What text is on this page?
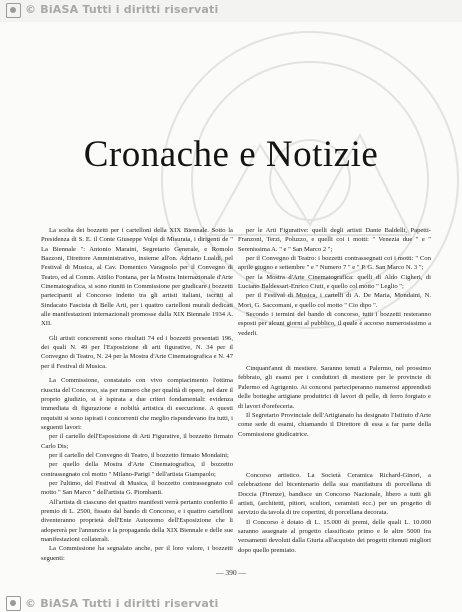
© BiASA Tutti i diritti riservati
Cronache e Notizie

La scelta dei bozzetti per i cartelloni della XIX Biennale. Sotto la Presidenza di S. E. il Conte Giuseppe Volpi di Misurata, i dirigenti de " La Biennale ": Antonio Maraini, Segretario Generale, e Romolo Bazzoni, Direttore Amministrativo, insieme all'on. Adriano Lualdi, pel Festival di Musica, al Cav. Domenico Varagnolo per il Convegno di Teatro, ed al Comm. Attilio Fontana, per la Mostra Internazionale d'Arte Cinematografica, si sono riuniti in Commissione per giudicare i bozzetti partecipanti al Concorso indetto tra gli artisti italiani, iscritti al Sindacato Fascista di Belle Arti, per i quattro cartelloni murali dedicati alle manifestazioni internazionali promosse dalla XIX Biennale 1934 A. XII.

Gli artisti concorrenti sono risultati 74 ed i bozzetti presentati 196, dei quali N. 49 per l'Esposizione di arti figurative, N. 34 per il Convegno di Teatro, N. 24 per la Mostra d'Arte Cinematografica e N. 47 per il Festival di Musica.

La Commissione, constatato con vivo compiacimento l'ottima riuscita del Concorso, sia per numero che per qualità di opere, nel dare il proprio giudizio, si è ispirata a due criteri fondamentali: evidenza immediata di figurazione e nobiltà artistica di esecuzione. A questi requisiti si sono ispirati i concorrenti che meglio rispondevano fra tutti, i seguenti lavori:

per il cartello dell'Esposizione di Arti Figurative, il bozzetto firmato Carlo Dis;

per il cartello del Convegno di Teatro, il bozzetto firmato Mondaini;

per quello della Mostra d'Arte Cinematografica, il bozzetto contrassegnato col motto " Milano-Parigi " dell'artista Giampaolo;

per l'ultimo, del Festival di Musica, il bozzetto contrassegnato col motto " San Marco " dell'artista G. Piombanti.

All'artista di ciascuno dei quattro manifesti verrà pertanto conferito il premio di L. 2500, fissato dal bando di Concorso, e i quattro cartelloni diventeranno proprietà dell'Ente Autonomo dell'Esposizione che li adopererà per l'annuncio e la propaganda della XIX Biennale e delle sue manifestazioni collaterali.

La Commissione ha segnalato anche, per il loro valore, i bozzetti seguenti:

per le Arti Figurative: quelli degli artisti Dante Baldelli, Papetti-Franzoni, Terzi, Poluzzo, e quelli coi i motti: " Venezia due " e " Serenissima A. " e " San Marco 2 ";

per il Convegno di Teatro: i bozzetti contrassegnati coi i motti: " Con aprile giugno e settembre " e " Numero 7 " e " P. G. San Marco N. 3 ";

per la Mostra d'Arte Cinematografica: quelli di Aldo Cigheri, di Luciano Baldessari-Enrico Ciuti, e quello col motto " Leglio ";

per il Festival di Musica, i cartelli di A. De Maria, Mondaini, N. Mori, G. Saccomani, e quello col motto " Cio dipo ".

Secondo i termini del bando di concorso, tutti i bozzetti resteranno esposti per alcuni giorni al pubblico, il quale è accorso numerosissimo a vederli.

Cinquant'anni di mestiere. Saranno tenuti a Palermo, nel prossimo febbraio, gli esami per i conduttori di mestiere per le provincie di Palermo ed Agrigento. Ai concorsi parteciperanno numerosi apprendisti delle botteghe artigiane produttrici di lavori di pelle, di ferro forgiato e di lavori d'orefeceria.

Il Segretario Provinciale dell'Artigianato ha designato l'Istituto d'Arte come sede di esami, chiamando il Direttore di essa a far parte della Commissione giudicatrice.

Concorso artistico. La Società Ceramica Richard-Ginori, a celebrazione del bicentenario della sua manifattura di porcellana di Doccia (Firenze), bandisce un Concorso Nazionale, libero a tutti gli artisti, (architetti, pittori, scultori, ceramisti ecc.) per un progetto di servizio da tavola di tre copertini, di porcellana decorata.

Il Concorso è dotato di L. 15.000 di premi, delle quali L. 10.000 saranno assegnate al progetto classificato primo e le altre 5000 fra versamenti devoluti dalla Giuria all'acquisto dei progetti ritenuti migliori dopo quello premiato.

— 390 —
© BiASA Tutti i diritti riservati
